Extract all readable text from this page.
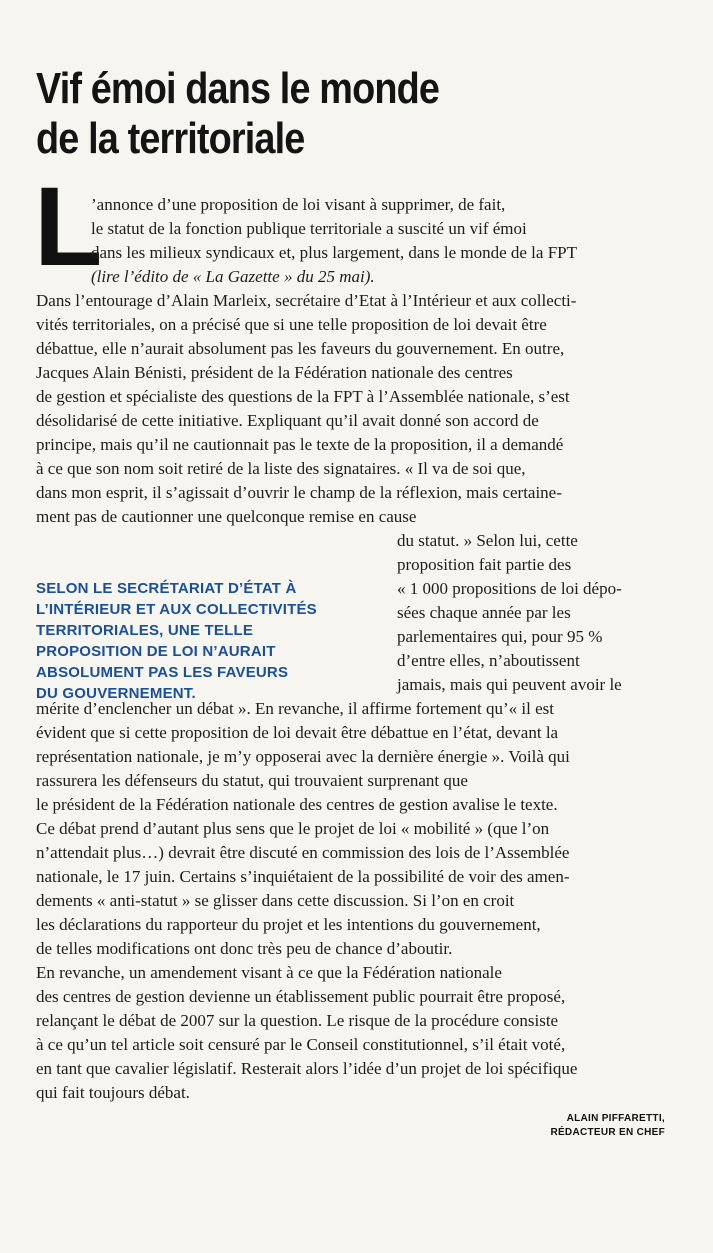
Vif émoi dans le monde
de la territoriale
L
’annonce d’une proposition de loi visant à supprimer, de fait,
le statut de la fonction publique territoriale a suscité un vif émoi
dans les milieux syndicaux et, plus largement, dans le monde de la FPT
(lire l’édito de « La Gazette » du 25 mai).
Dans l’entourage d’Alain Marleix, secrétaire d’Etat à l’Intérieur et aux collecti-
vités territoriales, on a précisé que si une telle proposition de loi devait être
débattue, elle n’aurait absolument pas les faveurs du gouvernement. En outre,
Jacques Alain Bénisti, président de la Fédération nationale des centres
de gestion et spécialiste des questions de la FPT à l’Assemblée nationale, s’est
désolidarisé de cette initiative. Expliquant qu’il avait donné son accord de
principe, mais qu’il ne cautionnait pas le texte de la proposition, il a demandé
à ce que son nom soit retiré de la liste des signataires. « Il va de soi que,
dans mon esprit, il s’agissait d’ouvrir le champ de la réflexion, mais certaine-
ment pas de cautionner une quelconque remise en cause
SELON LE SECRÉTARIAT D’ÉTAT À
L’INTÉRIEUR ET AUX COLLECTIVITÉS
TERRITORIALES, UNE TELLE
PROPOSITION DE LOI N’AURAIT
ABSOLUMENT PAS LES FAVEURS
DU GOUVERNEMENT.
du statut. » Selon lui, cette
proposition fait partie des
« 1 000 propositions de loi dépo-
sées chaque année par les
parlementaires qui, pour 95 %
d’entre elles, n’aboutissent
jamais, mais qui peuvent avoir le
mérite d’enclencher un débat ». En revanche, il affirme fortement qu’« il est
évident que si cette proposition de loi devait être débattue en l’état, devant la
représentation nationale, je m’y opposerai avec la dernière énergie ». Voilà qui
rassurera les défenseurs du statut, qui trouvaient surprenant que
le président de la Fédération nationale des centres de gestion avalise le texte.
Ce débat prend d’autant plus sens que le projet de loi « mobilité » (que l’on
n’attendait plus…) devrait être discuté en commission des lois de l’Assemblée
nationale, le 17 juin. Certains s’inquiétaient de la possibilité de voir des amen-
dements « anti-statut » se glisser dans cette discussion. Si l’on en croit
les déclarations du rapporteur du projet et les intentions du gouvernement,
de telles modifications ont donc très peu de chance d’aboutir.
En revanche, un amendement visant à ce que la Fédération nationale
des centres de gestion devienne un établissement public pourrait être proposé,
relançant le débat de 2007 sur la question. Le risque de la procédure consiste
à ce qu’un tel article soit censuré par le Conseil constitutionnel, s’il était voté,
en tant que cavalier législatif. Resterait alors l’idée d’un projet de loi spécifique
qui fait toujours débat.
ALAIN PIFFARETTI,
RÉDACTEUR EN CHEF
